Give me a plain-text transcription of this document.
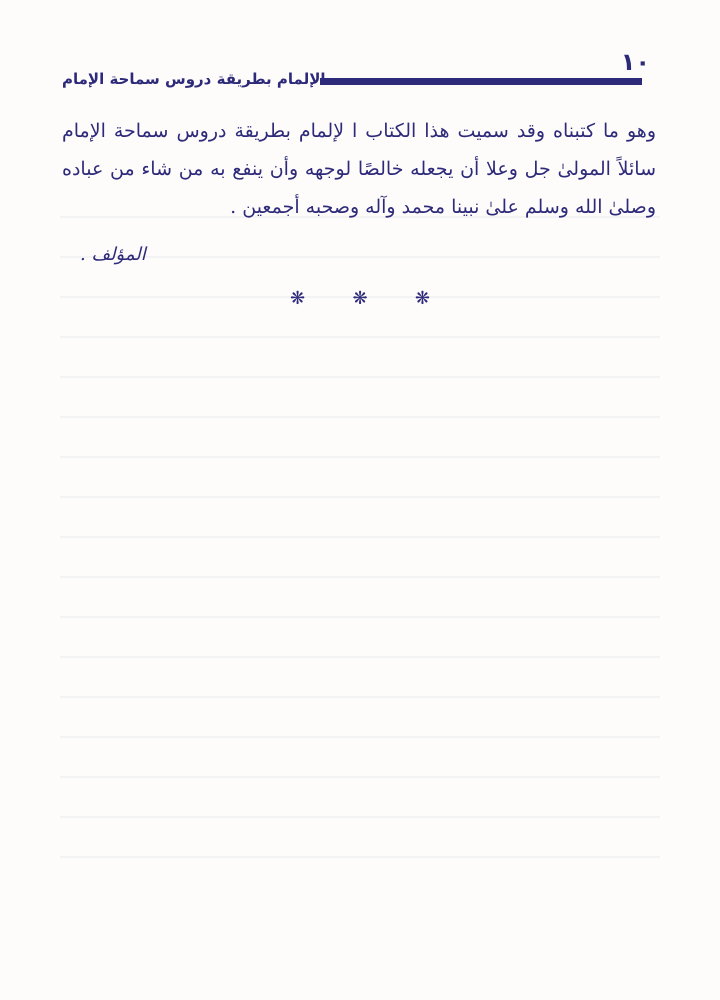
١٠
الإلمام بطريقة دروس سماحة الإمام

وهو ما كتبناه وقد سميت هذا الكتاب ا لإلمام بطريقة دروس سماحة الإمام سائلاً المولىٰ جل وعلا أن يجعله خالصًا لوجهه وأن ينفع به من شاء من عباده وصلىٰ الله وسلم علىٰ نبينا محمد وآله وصحبه أجمعين .

المؤلف .
❋	❋	❋
